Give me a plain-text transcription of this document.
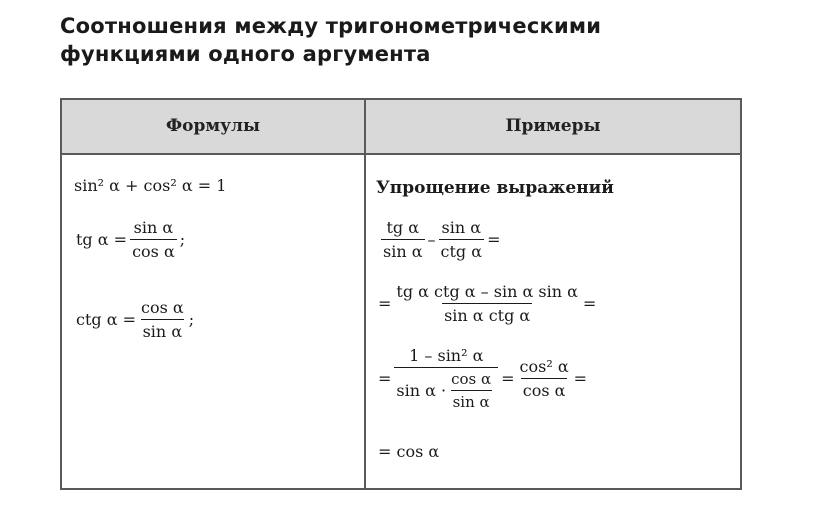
Соотношения между тригонометрическими
функциями одного аргумента
Формулы	Примеры
sin² α + cos² α = 1
tg $\alpha = \frac{\text{sin α}}{\text{cos α}}$ ;
ctg $\alpha = \frac{\text{cos α}}{\text{sin α}}$ ;
Упрощение выражений
$\frac{\text{tg α}}{\text{sin α}} - \frac{\text{sin α}}{\text{ctg α}}$ =
= $\frac{\text{tg α ctg α – sin α sin α}}{\text{sin α ctg α}}$ =
= $\frac{\text{1 – sin² α}}{\sin \alpha \cdot \frac{\text{cos α}}{\text{sin α}}} = \frac{\text{cos² α}}{\text{cos α}}$ =
= cos α
